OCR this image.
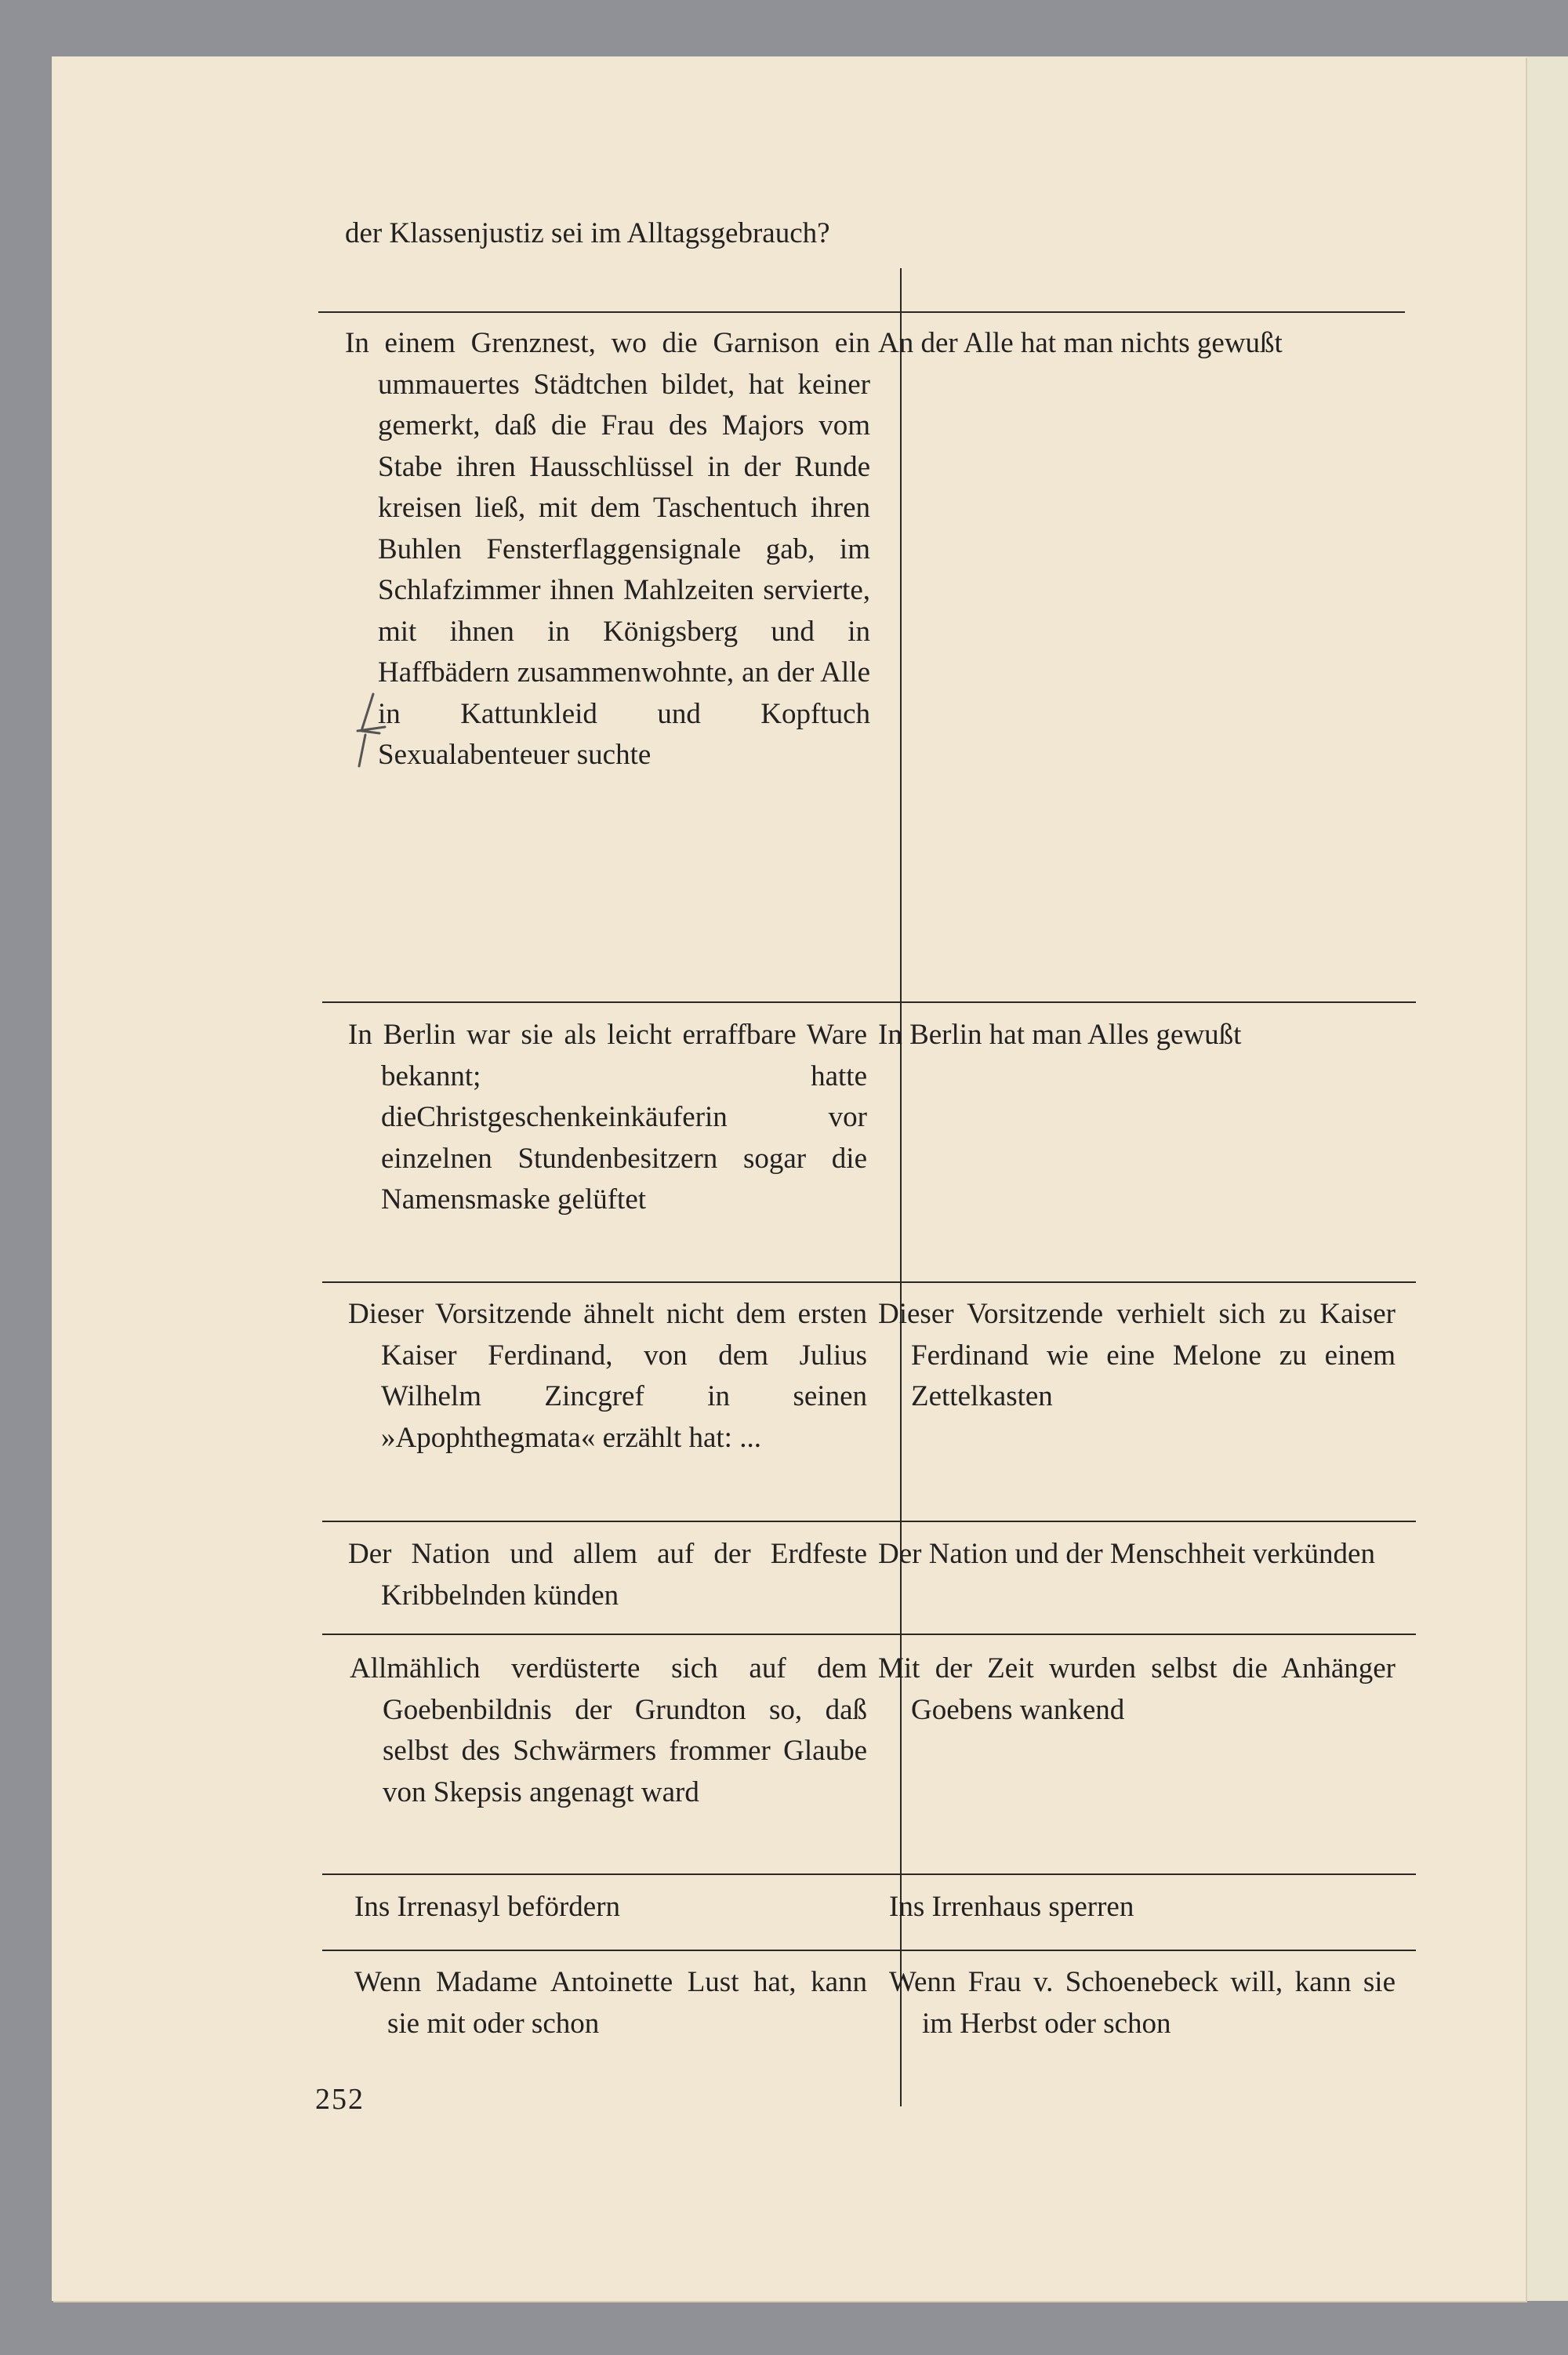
der Klassenjustiz sei im Alltagsgebrauch?

In einem Grenznest, wo die Garnison ein ummauertes Städtchen bildet, hat keiner gemerkt, daß die Frau des Majors vom Stabe ihren Hausschlüssel in der Runde kreisen ließ, mit dem Taschentuch ihren Buhlen Fensterflaggensignale gab, im Schlafzimmer ihnen Mahlzeiten servierte, mit ihnen in Königsberg und in Haffbädern zusammenwohnte, an der Alle in Kattunkleid und Kopftuch Sexualabenteuer suchte

An der Alle hat man nichts gewußt

In Berlin war sie als leicht erraffbare Ware bekannt; hatte dieChristgeschenkeinkäuferin vor einzelnen Stundenbesitzern sogar die Namensmaske gelüftet

In Berlin hat man Alles gewußt

Dieser Vorsitzende ähnelt nicht dem ersten Kaiser Ferdinand, von dem Julius Wilhelm Zincgref in seinen »Apophthegmata« erzählt hat: ...

Dieser Vorsitzende verhielt sich zu Kaiser Ferdinand wie eine Melone zu einem Zettelkasten

Der Nation und allem auf der Erdfeste Kribbelnden künden

Der Nation und der Menschheit verkünden

Allmählich verdüsterte sich auf dem Goebenbildnis der Grundton so, daß selbst des Schwärmers frommer Glaube von Skepsis angenagt ward

Mit der Zeit wurden selbst die Anhänger Goebens wankend

Ins Irrenasyl befördern	Ins Irrenhaus sperren

Wenn Madame Antoinette Lust hat, kann sie mit oder schon

Wenn Frau v. Schoenebeck will, kann sie im Herbst oder schon

252
